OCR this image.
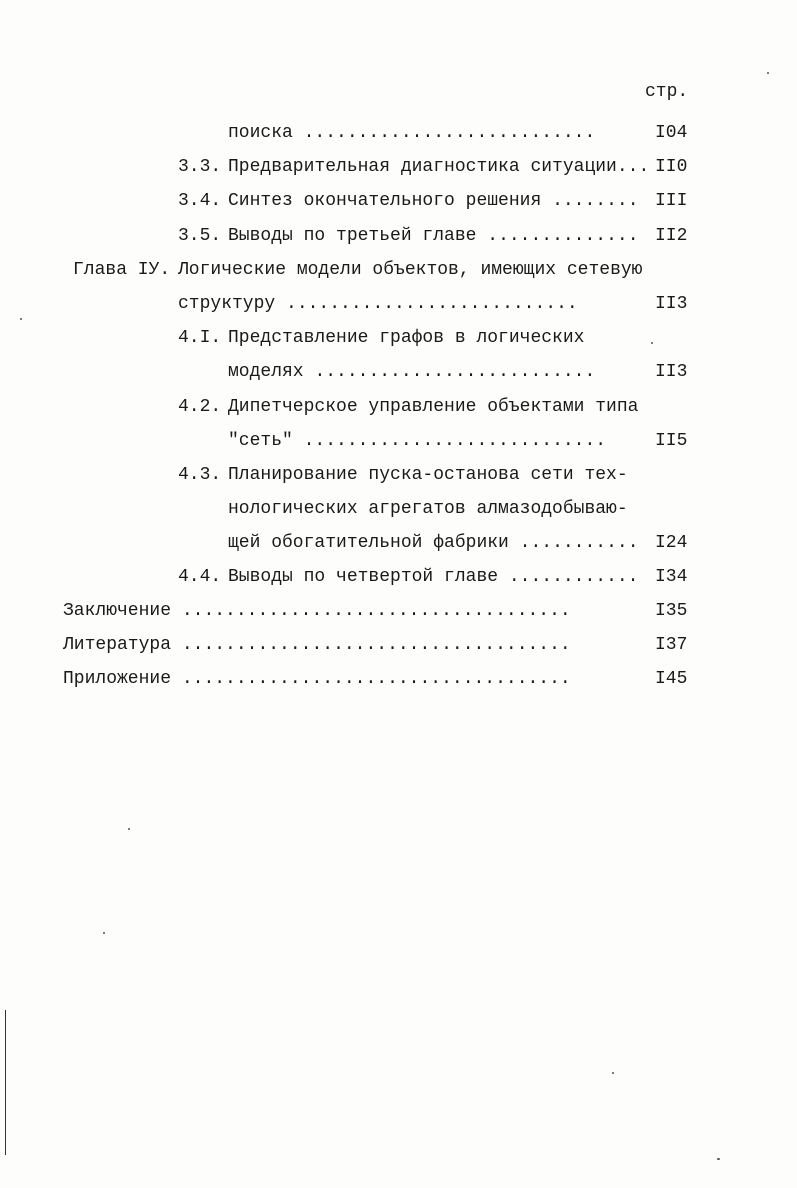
стр.
поиска ...........................	I04
3.3. Предварительная диагностика ситуации... II0
3.4. Синтез окончательного решения ........ III
3.5. Выводы по третьей главе .............. II2
Глава IУ. Логические модели объектов, имеющих сетевую
структуру ...........................	II3
4.I. Представление графов в логических
моделях ..........................	II3
4.2. Дипетчерское управление объектами типа
"сеть" ............................	II5
4.3. Планирование пуска-останова сети тех-
нологических агрегатов алмазодобываю-
щей обогатительной фабрики ........... I24
4.4. Выводы по четвертой главе ............ I34
Заключение ....................................	I35
Литература ....................................	I37
Приложение ....................................	I45
